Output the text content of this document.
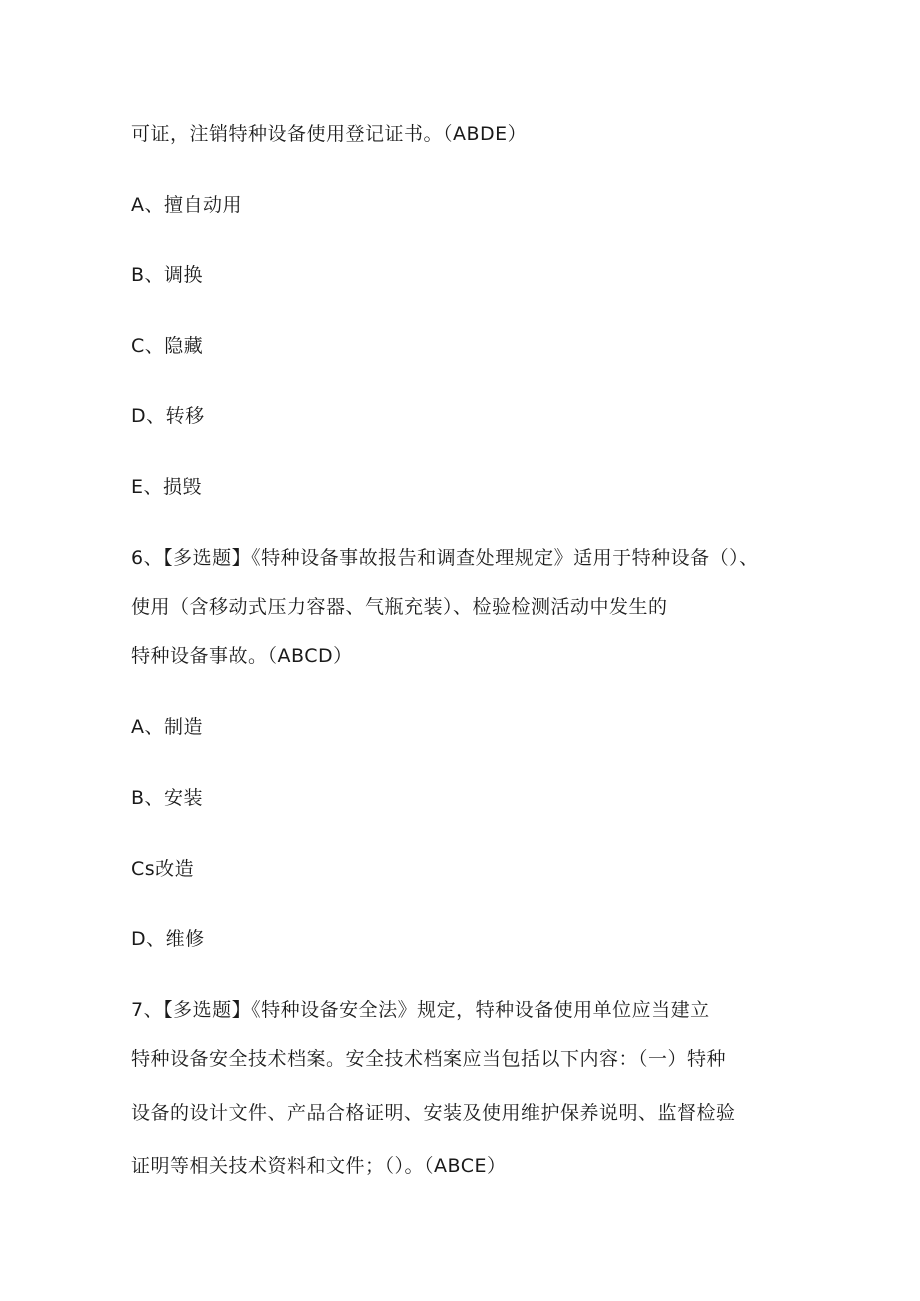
可证，注销特种设备使用登记证书。（ABDE）
A、擅自动用
B、调换
C、隐藏
D、转移
E、损毁
6、【多选题】《特种设备事故报告和调查处理规定》适用于特种设备（）、
使用（含移动式压力容器、气瓶充装）、检验检测活动中发生的
特种设备事故。（ABCD）
A、制造
B、安装
Cs改造
D、维修
7、【多选题】《特种设备安全法》规定，特种设备使用单位应当建立
特种设备安全技术档案。安全技术档案应当包括以下内容：（一）特种
设备的设计文件、产品合格证明、安装及使用维护保养说明、监督检验
证明等相关技术资料和文件；（）。（ABCE）
